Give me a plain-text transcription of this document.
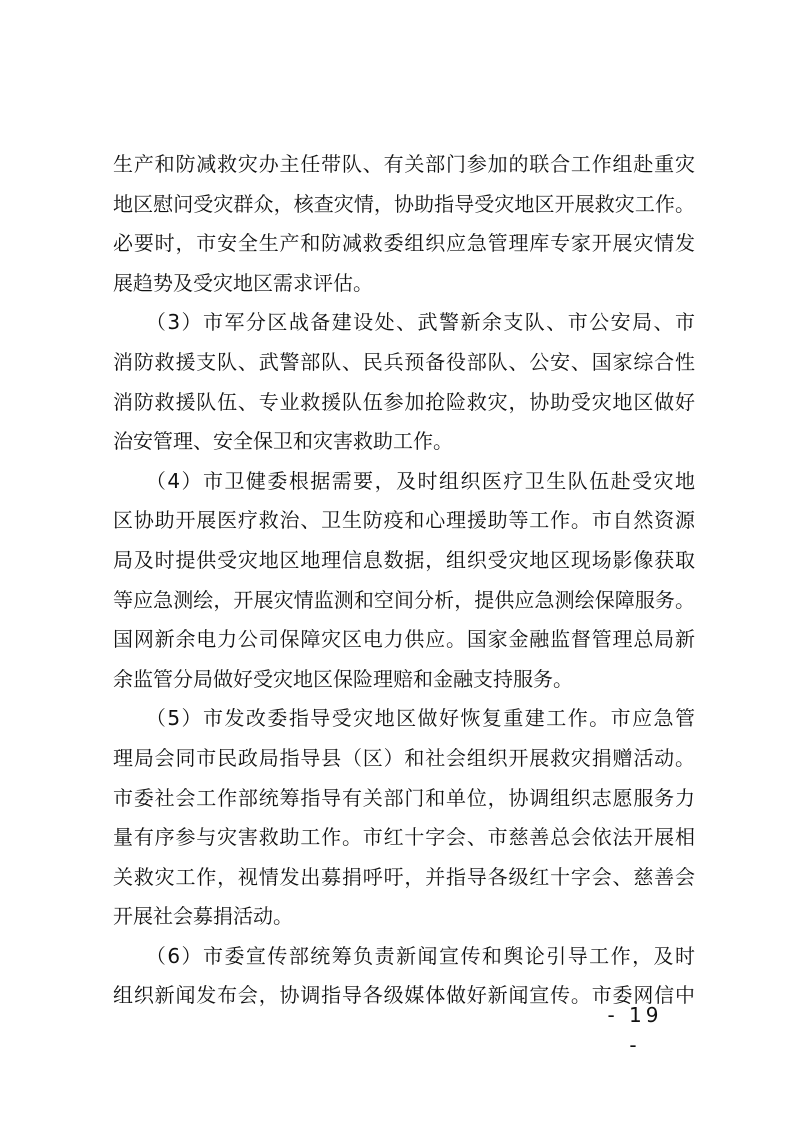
生产和防减救灾办主任带队、有关部门参加的联合工作组赴重灾
地区慰问受灾群众，核查灾情，协助指导受灾地区开展救灾工作。
必要时，市安全生产和防减救委组织应急管理库专家开展灾情发
展趋势及受灾地区需求评估。
　　（3）市军分区战备建设处、武警新余支队、市公安局、市
消防救援支队、武警部队、民兵预备役部队、公安、国家综合性
消防救援队伍、专业救援队伍参加抢险救灾，协助受灾地区做好
治安管理、安全保卫和灾害救助工作。
　　（4）市卫健委根据需要，及时组织医疗卫生队伍赴受灾地
区协助开展医疗救治、卫生防疫和心理援助等工作。市自然资源
局及时提供受灾地区地理信息数据，组织受灾地区现场影像获取
等应急测绘，开展灾情监测和空间分析，提供应急测绘保障服务。
国网新余电力公司保障灾区电力供应。国家金融监督管理总局新
余监管分局做好受灾地区保险理赔和金融支持服务。
　　（5）市发改委指导受灾地区做好恢复重建工作。市应急管
理局会同市民政局指导县（区）和社会组织开展救灾捐赠活动。
市委社会工作部统筹指导有关部门和单位，协调组织志愿服务力
量有序参与灾害救助工作。市红十字会、市慈善总会依法开展相
关救灾工作，视情发出募捐呼吁，并指导各级红十字会、慈善会
开展社会募捐活动。
　　（6）市委宣传部统筹负责新闻宣传和舆论引导工作，及时
组织新闻发布会，协调指导各级媒体做好新闻宣传。市委网信中
- 19 -
